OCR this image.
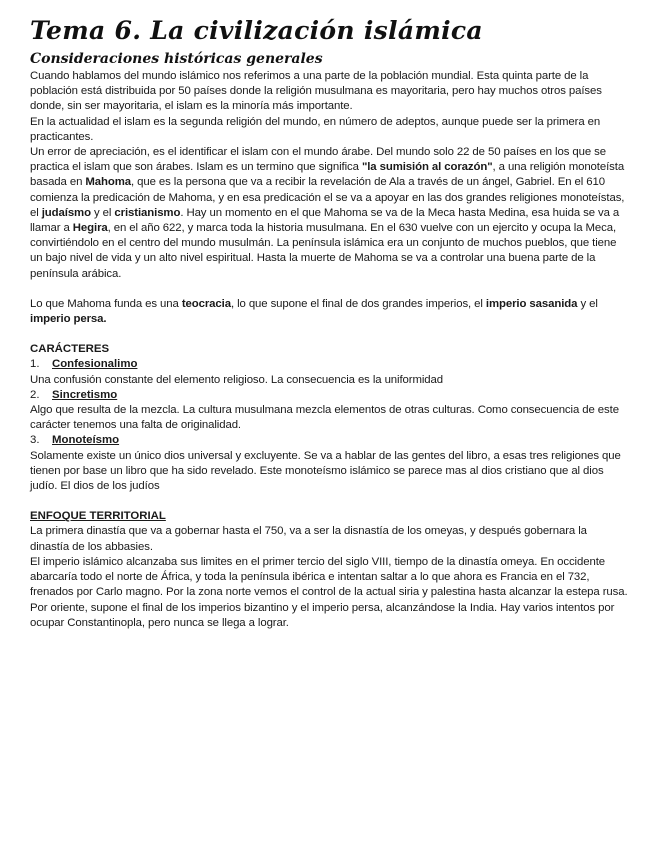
Tema 6. La civilización islámica
Consideraciones históricas generales

Cuando hablamos del mundo islámico nos referimos a una parte de la población mundial. Esta quinta parte de la población está distribuida por 50 países donde la religión musulmana es mayoritaria, pero hay muchos otros países donde, sin ser mayoritaria, el islam es la minoría más importante.

En la actualidad el islam es la segunda religión del mundo, en número de adeptos, aunque puede ser la primera en practicantes.

Un error de apreciación, es el identificar el islam con el mundo árabe. Del mundo solo 22 de 50 países en los que se practica el islam que son árabes. Islam es un termino que significa "la sumisión al corazón", a una religión monoteísta basada en Mahoma, que es la persona que va a recibir la revelación de Ala a través de un ángel, Gabriel. En el 610 comienza la predicación de Mahoma, y en esa predicación el se va a apoyar en las dos grandes religiones monoteístas, el judaísmo y el cristianismo. Hay un momento en el que Mahoma se va de la Meca hasta Medina, esa huida se va a llamar a Hegira, en el año 622, y marca toda la historia musulmana. En el 630 vuelve con un ejercito y ocupa la Meca, convirtiéndolo en el centro del mundo musulmán. La península islámica era un conjunto de muchos pueblos, que tiene un bajo nivel de vida y un alto nivel espiritual. Hasta la muerte de Mahoma se va a controlar una buena parte de la península arábica.

Lo que Mahoma funda es una teocracia, lo que supone el final de dos grandes imperios, el imperio sasanida y el imperio persa.

CARÁCTERES

1. Confesionalimo

Una confusión constante del elemento religioso. La consecuencia es la uniformidad

2. Sincretismo

Algo que resulta de la mezcla. La cultura musulmana mezcla elementos de otras culturas. Como consecuencia de este carácter tenemos una falta de originalidad.

3. Monoteísmo

Solamente existe un único dios universal y excluyente. Se va a hablar de las gentes del libro, a esas tres religiones que tienen por base un libro que ha sido revelado. Este monoteísmo islámico se parece mas al dios cristiano que al dios judío. El dios de los judíos

ENFOQUE TERRITORIAL

La primera dinastía que va a gobernar hasta el 750, va a ser la disnastía de los omeyas, y después gobernara la dinastía de los abbasies.

El imperio islámico alcanzaba sus limites en el primer tercio del siglo VIII, tiempo de la dinastía omeya. En occidente abarcaría todo el norte de África, y toda la península ibérica e intentan saltar a lo que ahora es Francia en el 732, frenados por Carlo magno. Por la zona norte vemos el control de la actual siria y palestina hasta alcanzar la estepa rusa. Por oriente, supone el final de los imperios bizantino y el imperio persa, alcanzándose la India. Hay varios intentos por ocupar Constantinopla, pero nunca se llega a lograr.
